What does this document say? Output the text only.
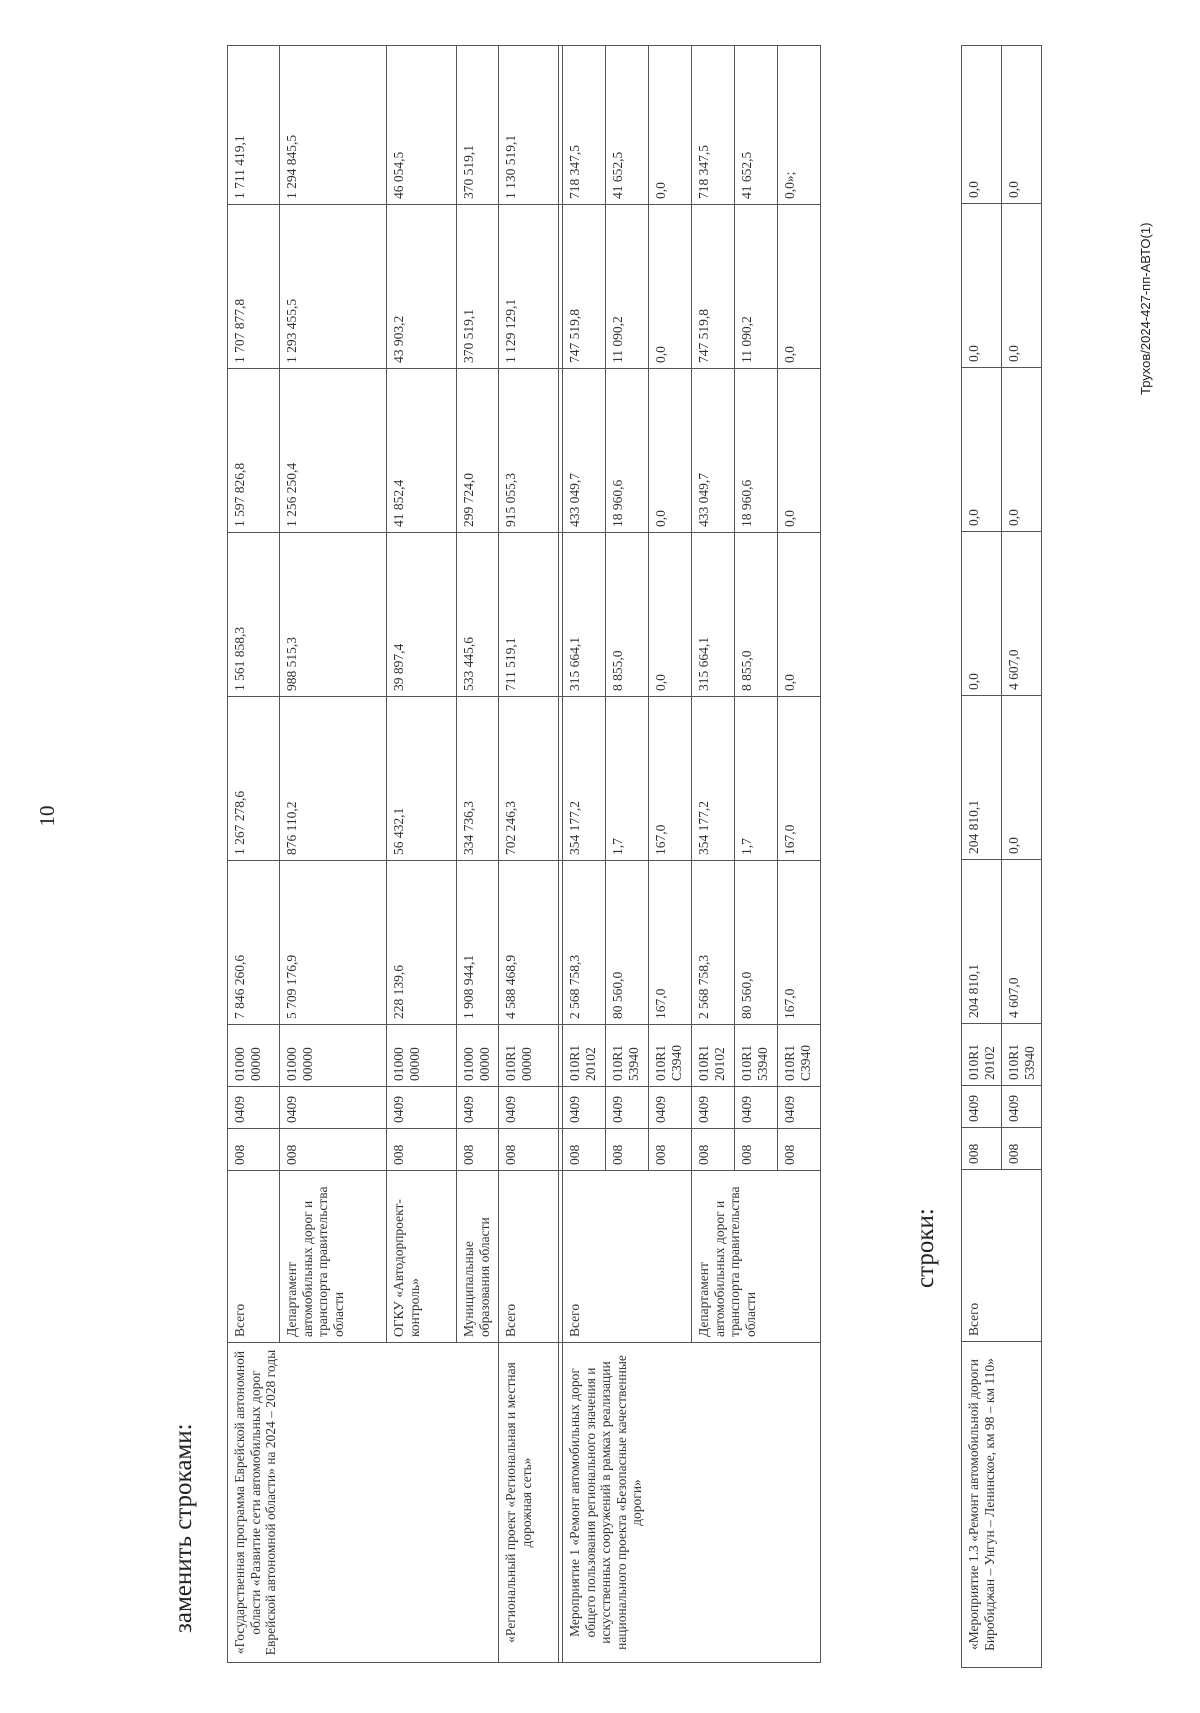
10
заменить строками:	«Государственная программа Еврейской автономной области «Развитие сети автомобильных дорог Еврейской автономной области» на 2024 – 2028 годы	Всего	008	0409	01000 00000	7 846 260,6	1 267 278,6	1 561 858,3	1 597 826,8	1 707 877,8	1 711 419,1
	Департамент автомобильных дорог и транспорта правительства области	008	0409	01000 00000	5 709 176,9	876 110,2	988 515,3	1 256 250,4	1 293 455,5	1 294 845,5
	ОГКУ «Автодорпроект-контроль»	008	0409	01000 00000	228 139,6	56 432,1	39 897,4	41 852,4	43 903,2	46 054,5
	Муниципальные образования области	008	0409	01000 00000	1 908 944,1	334 736,3	533 445,6	299 724,0	370 519,1	370 519,1
«Региональный проект «Региональная и местная дорожная сеть»	Всего	008	0409	010R1 00000	4 588 468,9	702 246,3	711 519,1	915 055,3	1 129 129,1	1 130 519,1

Мероприятие 1 «Ремонт автомобильных дорог общего пользования регионального значения и искусственных сооружений в рамках реализации национального проекта «Безопасные качественные дороги»	Всего	008	0409	010R1 20102	2 568 758,3	354 177,2	315 664,1	433 049,7	747 519,8	718 347,5
		008	0409	010R1 53940	80 560,0	1,7	8 855,0	18 960,6	11 090,2	41 652,5
		008	0409	010R1 С3940	167,0	167,0	0,0	0,0	0,0	0,0
	Департамент автомобильных дорог и транспорта правительства области	008	0409	010R1 20102	2 568 758,3	354 177,2	315 664,1	433 049,7	747 519,8	718 347,5
		008	0409	010R1 53940	80 560,0	1,7	8 855,0	18 960,6	11 090,2	41 652,5
		008	0409	010R1 С3940	167,0	167,0	0,0	0,0	0,0	0,0»;
строки:
«Мероприятие 1.3 «Ремонт автомобильной дороги Биробиджан – Унгун – Ленинское, км 98 – км 110»	Всего	008	0409	010R1 20102	204 810,1	204 810,1	0,0	0,0	0,0	0,0
		008	0409	010R1 53940	4 607,0	0,0	4 607,0	0,0	0,0	0,0
Трухов/2024-427-пп-АВТО(1)
